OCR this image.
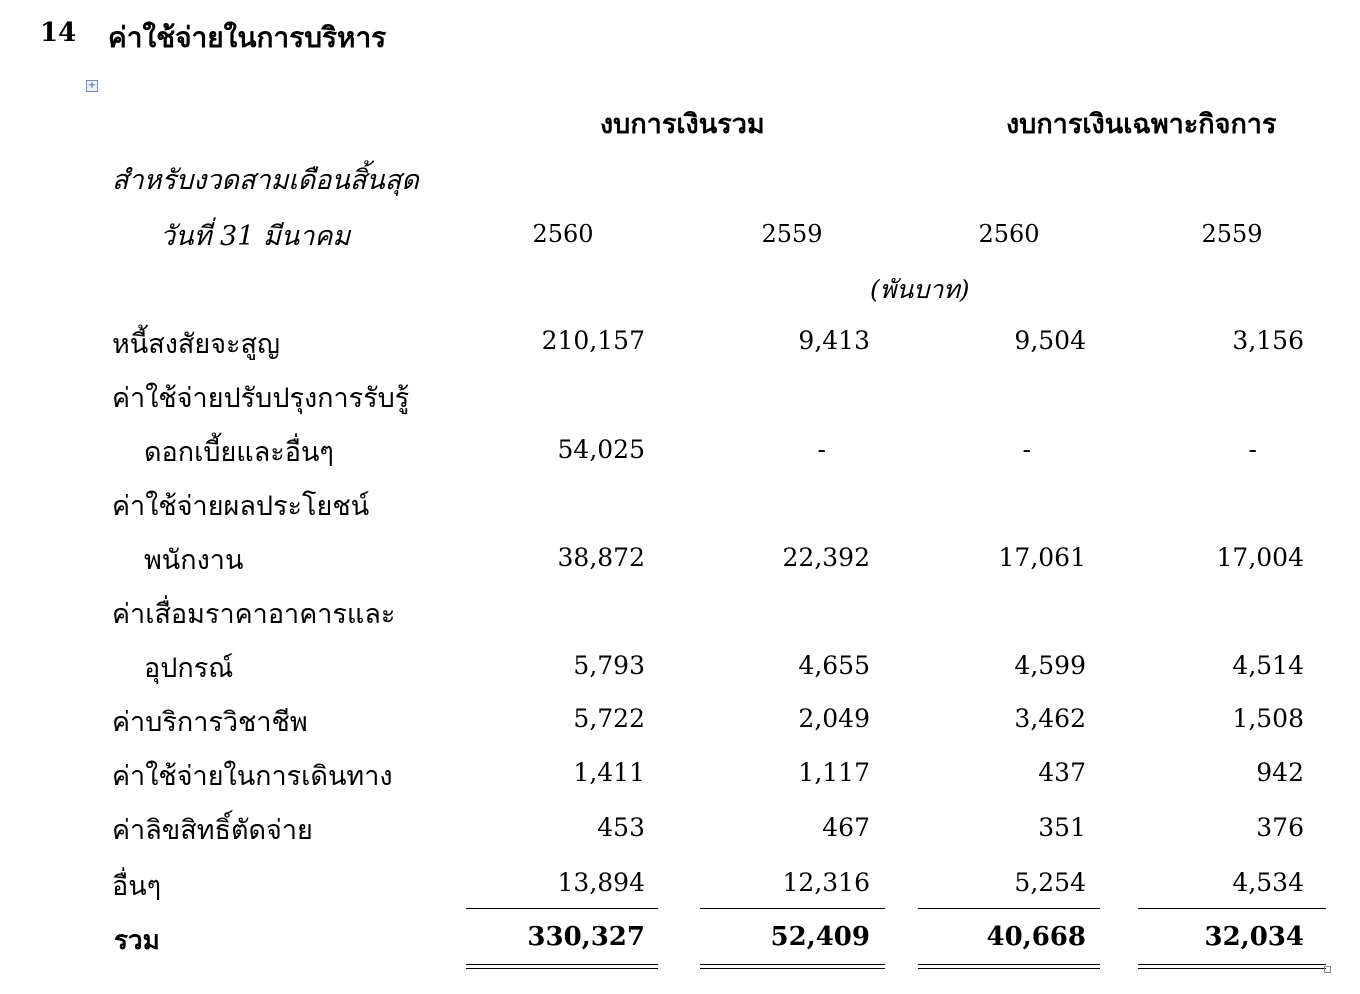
14 ค่าใช้จ่ายในการบริหาร
+
งบการเงินรวม	งบการเงินเฉพาะกิจการ
สำหรับงวดสามเดือนสิ้นสุด
วันที่ 31 มีนาคม	2560	2559	2560	2559
(พันบาท)
หนี้สงสัยจะสูญ	210,157	9,413	9,504	3,156
ค่าใช้จ่ายปรับปรุงการรับรู้
ดอกเบี้ยและอื่นๆ	54,025	-	-	-
ค่าใช้จ่ายผลประโยชน์
พนักงาน	38,872	22,392	17,061	17,004
ค่าเสื่อมราคาอาคารและ
อุปกรณ์	5,793	4,655	4,599	4,514
ค่าบริการวิชาชีพ	5,722	2,049	3,462	1,508
ค่าใช้จ่ายในการเดินทาง	1,411	1,117	437	942
ค่าลิขสิทธิ์ตัดจ่าย	453	467	351	376
อื่นๆ	13,894	12,316	5,254	4,534
รวม	330,327	52,409	40,668	32,034
